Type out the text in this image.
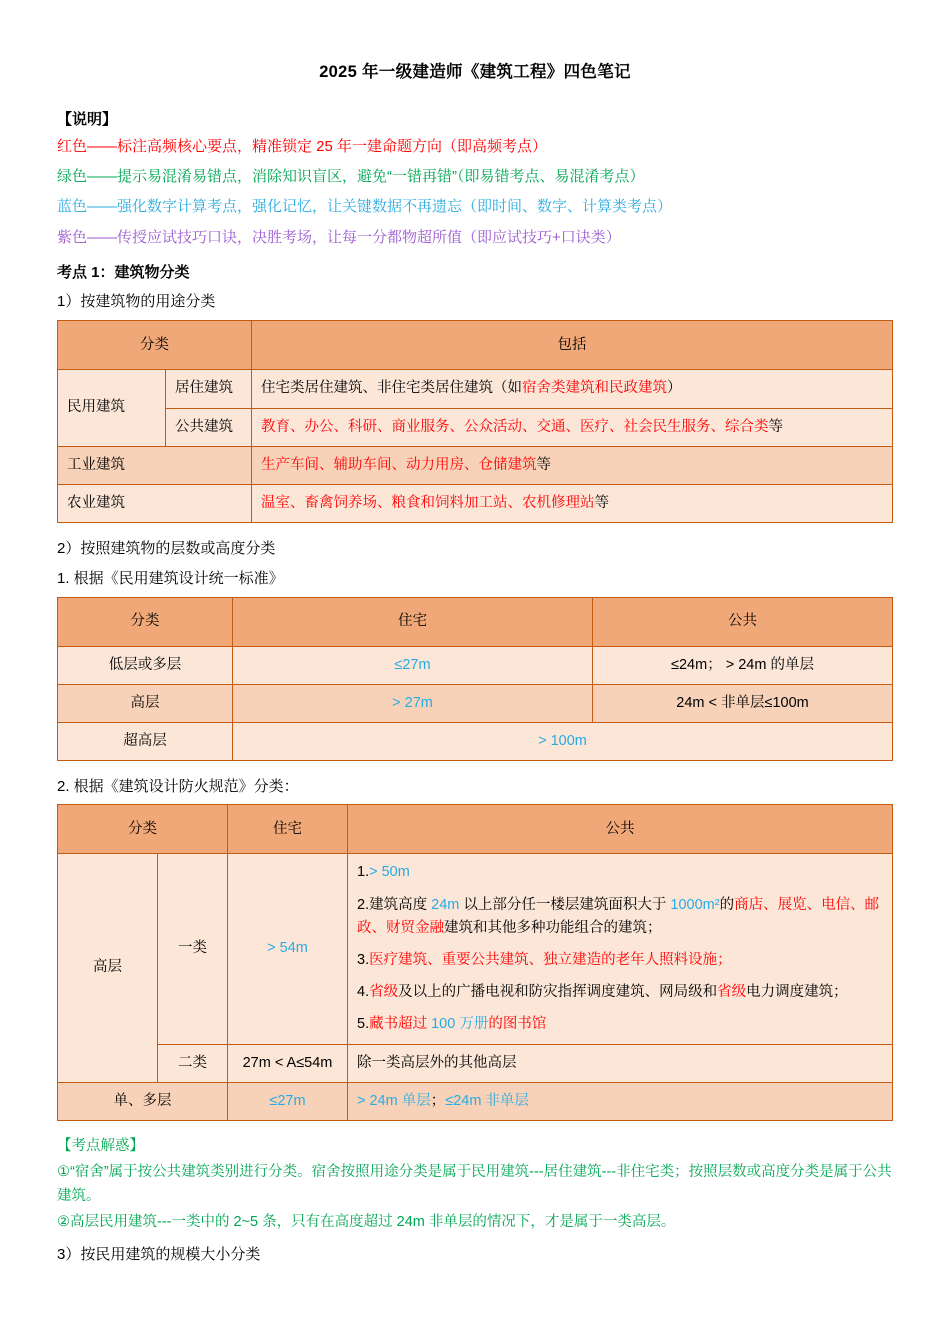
2025 年一级建造师《建筑工程》四色笔记
【说明】
红色——标注高频核心要点，精准锁定 25 年一建命题方向（即高频考点）
绿色——提示易混淆易错点，消除知识盲区，避免“一错再错”（即易错考点、易混淆考点）
蓝色——强化数字计算考点，强化记忆，让关键数据不再遗忘（即时间、数字、计算类考点）
紫色——传授应试技巧口诀，决胜考场，让每一分都物超所值（即应试技巧+口诀类）
考点 1：建筑物分类
1）按建筑物的用途分类
分类		包括
民用建筑	居住建筑	住宅类居住建筑、非住宅类居住建筑（如宿舍类建筑和民政建筑）
	公共建筑	教育、办公、科研、商业服务、公众活动、交通、医疗、社会民生服务、综合类等
工业建筑		生产车间、辅助车间、动力用房、仓储建筑等
农业建筑		温室、畜禽饲养场、粮食和饲料加工站、农机修理站等
2）按照建筑物的层数或高度分类
1. 根据《民用建筑设计统一标准》
分类	住宅	公共
低层或多层	≤27m	≤24m； > 24m 的单层
高层	> 27m	24m < 非单层≤100m
超高层	> 100m	
2. 根据《建筑设计防火规范》分类：
分类		住宅	公共
高层	一类	> 54m	1.> 50m
2.建筑高度 24m 以上部分任一楼层建筑面积大于 1000m²的商店、展览、电信、邮政、财贸金融建筑和其他多种功能组合的建筑；
3.医疗建筑、重要公共建筑、独立建造的老年人照料设施；
4.省级及以上的广播电视和防灾指挥调度建筑、网局级和省级电力调度建筑；
5.藏书超过 100 万册的图书馆

	二类	27m < A≤54m	除一类高层外的其他高层
单、多层		≤27m	> 24m 单层；≤24m 非单层
【考点解惑】
①“宿舍”属于按公共建筑类别进行分类。宿舍按照用途分类是属于民用建筑---居住建筑---非住宅类；按照层数或高度分类是属于公共建筑。
②高层民用建筑---一类中的 2~5 条，只有在高度超过 24m 非单层的情况下，才是属于一类高层。
3）按民用建筑的规模大小分类
